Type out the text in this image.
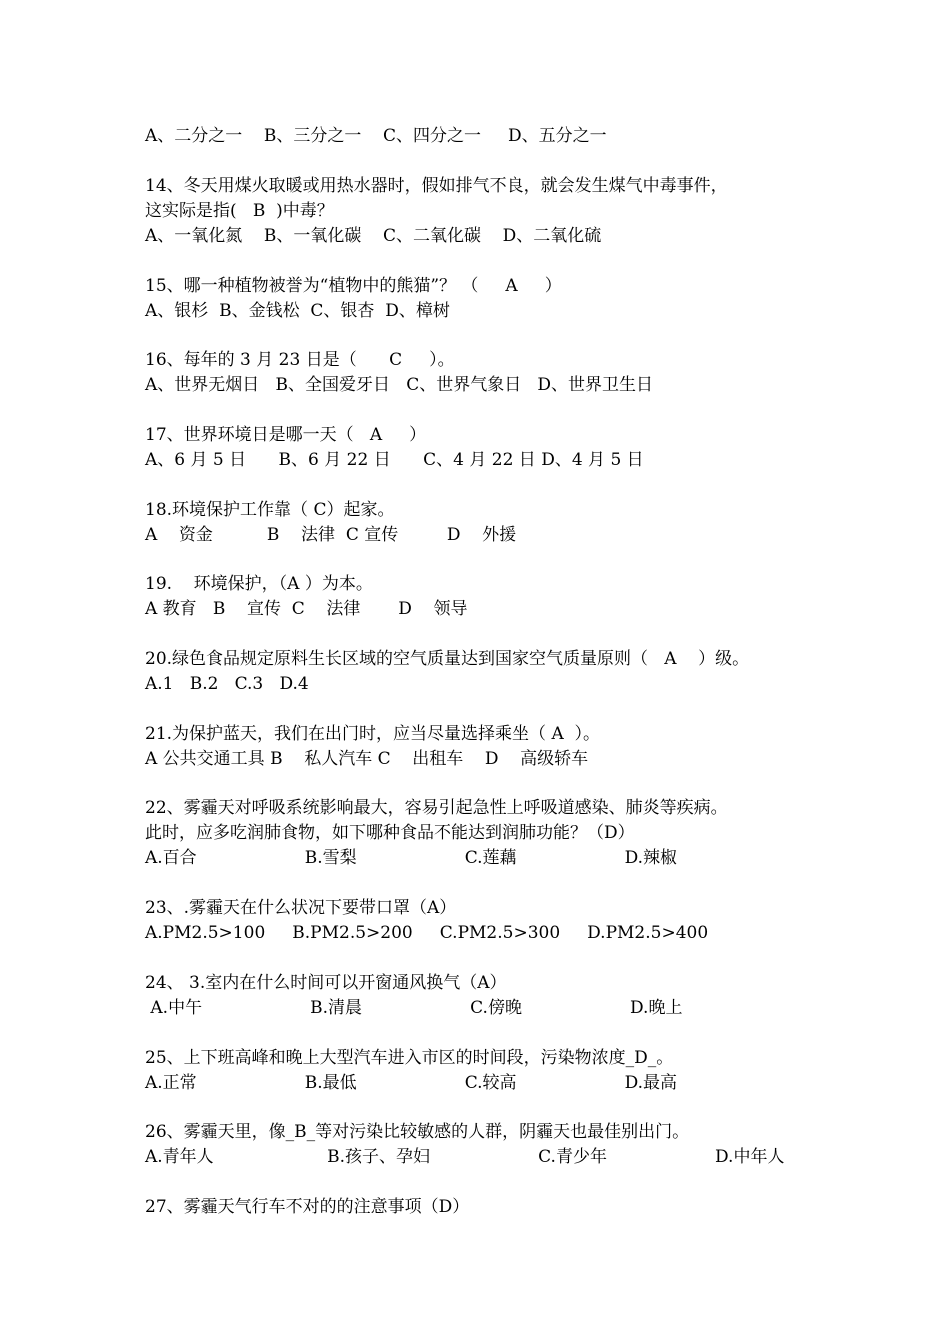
A、二分之一    B、三分之一    C、四分之一     D、五分之一
14、冬天用煤火取暖或用热水器时，假如排气不良，就会发生煤气中毒事件，
这实际是指(   B  )中毒？
A、一氧化氮    B、一氧化碳    C、二氧化碳    D、二氧化硫
15、哪一种植物被誉为“植物中的熊猫”？ （     A     ）
A、银杉  B、金钱松  C、银杏  D、樟树
16、每年的 3 月 23 日是（      C     ）。
A、世界无烟日   B、全国爱牙日   C、世界气象日   D、世界卫生日
17、世界环境日是哪一天（   A     ）
A、6 月 5 日      B、6 月 22 日      C、4 月 22 日 D、4 月 5 日
18.环境保护工作靠（ C）起家。
A    资金          B    法律  C 宣传         D    外援
19.    环境保护，（A ）为本。
A 教育   B    宣传  C    法律       D    领导
20.绿色食品规定原料生长区域的空气质量达到国家空气质量原则（   A    ）级。
A.1   B.2   C.3   D.4
21.为保护蓝天，我们在出门时，应当尽量选择乘坐（ A  ）。
A 公共交通工具 B    私人汽车 C    出租车    D    高级轿车
22、雾霾天对呼吸系统影响最大，容易引起急性上呼吸道感染、肺炎等疾病。
此时，应多吃润肺食物，如下哪种食品不能达到润肺功能？（D）
A.百合                    B.雪梨                    C.莲藕                    D.辣椒
23、.雾霾天在什么状况下要带口罩（A）
A.PM2.5>100     B.PM2.5>200     C.PM2.5>300     D.PM2.5>400
24、 3.室内在什么时间可以开窗通风换气（A）
A.中午                    B.清晨                    C.傍晚                    D.晚上
25、上下班高峰和晚上大型汽车进入市区的时间段，污染物浓度_D_。
A.正常                    B.最低                    C.较高                    D.最高
26、雾霾天里，像_B_等对污染比较敏感的人群，阴霾天也最佳别出门。
A.青年人                     B.孩子、孕妇                    C.青少年                    D.中年人
27、雾霾天气行车不对的的注意事项（D）
